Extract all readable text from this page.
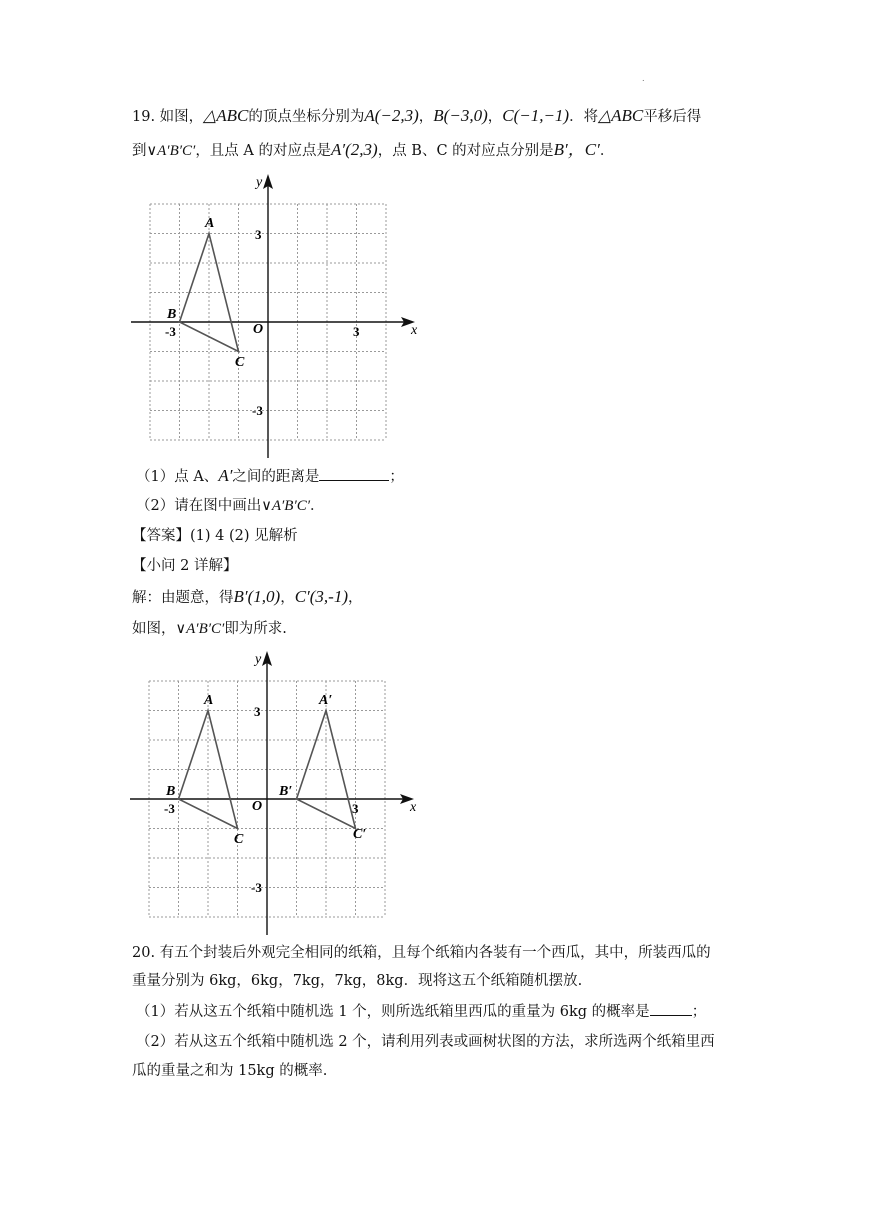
.
19. 如图，△ABC的顶点坐标分别为A(−2,3)，B(−3,0)，C(−1,−1)．将△ABC平移后得
到∨A′B′C′，且点 A 的对应点是A′(2,3)，点 B、C 的对应点分别是B′，C′．
x
y
O
-3	3
3
-3
A
B
C
（1）点 A、A′之间的距离是	；
（2）请在图中画出∨A′B′C′．
【答案】(1) 4 (2) 见解析
【小问 2 详解】
解：由题意，得B′(1,0)，C′(3,-1)，
如图，∨A′B′C′即为所求.
x
y
O
-3	3
3
-3
A
B
C
A′
B′
C′
20. 有五个封装后外观完全相同的纸箱，且每个纸箱内各装有一个西瓜，其中，所装西瓜的
重量分别为 6kg，6kg，7kg，7kg，8kg．现将这五个纸箱随机摆放.
（1）若从这五个纸箱中随机选 1 个，则所选纸箱里西瓜的重量为 6kg 的概率是	；
（2）若从这五个纸箱中随机选 2 个，请利用列表或画树状图的方法，求所选两个纸箱里西
瓜的重量之和为 15kg 的概率.
